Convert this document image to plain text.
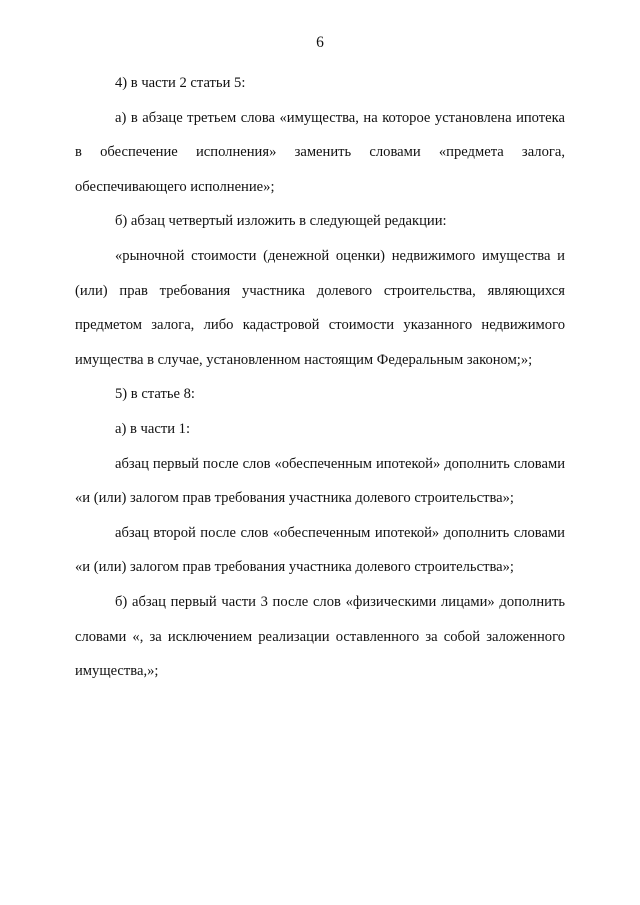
6

4) в части 2 статьи 5:

а) в абзаце третьем слова «имущества, на которое установлена ипотека в обеспечение исполнения» заменить словами «предмета залога, обеспечивающего исполнение»;

б) абзац четвертый изложить в следующей редакции:

«рыночной стоимости (денежной оценки) недвижимого имущества и (или) прав требования участника долевого строительства, являющихся предметом залога, либо кадастровой стоимости указанного недвижимого имущества в случае, установленном настоящим Федеральным законом;»;

5) в статье 8:

а) в части 1:

абзац первый после слов «обеспеченным ипотекой» дополнить словами «и (или) залогом прав требования участника долевого строительства»;

абзац второй после слов «обеспеченным ипотекой» дополнить словами «и (или) залогом прав требования участника долевого строительства»;

б) абзац первый части 3 после слов «физическими лицами» дополнить словами «, за исключением реализации оставленного за собой заложенного имущества,»;
